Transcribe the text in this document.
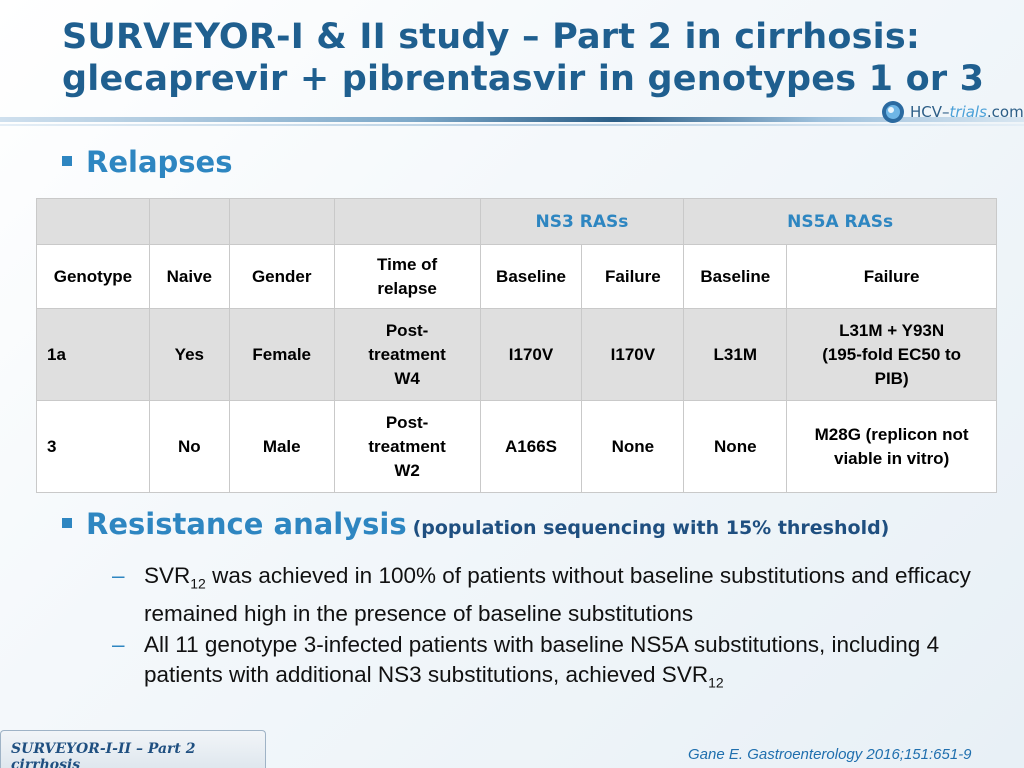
SURVEYOR-I & II study – Part 2 in cirrhosis:
glecaprevir + pibrentasvir in genotypes 1 or 3
HCV–trials.com
Relapses
				NS3 RASs		NS5A RASs	
Genotype	Naive	Gender	Time of relapse	Baseline	Failure	Baseline	Failure
1a	Yes	Female	Post-treatment W4	I170V	I170V	L31M	L31M + Y93N (195-fold EC50 to PIB)
3	No	Male	Post-treatment W2	A166S	None	None	M28G (replicon not viable in vitro)
Resistance analysis (population sequencing with 15% threshold)
– $SVR_{12}$ was achieved in 100% of patients without baseline substitutions and efficacy remained high in the presence of baseline substitutions
– All 11 genotype 3-infected patients with baseline NS5A substitutions, including 4 patients with additional NS3 substitutions, achieved $SVR_{12}$
SURVEYOR-I-II – Part 2 cirrhosis
Gane E. Gastroenterology 2016;151:651-9
